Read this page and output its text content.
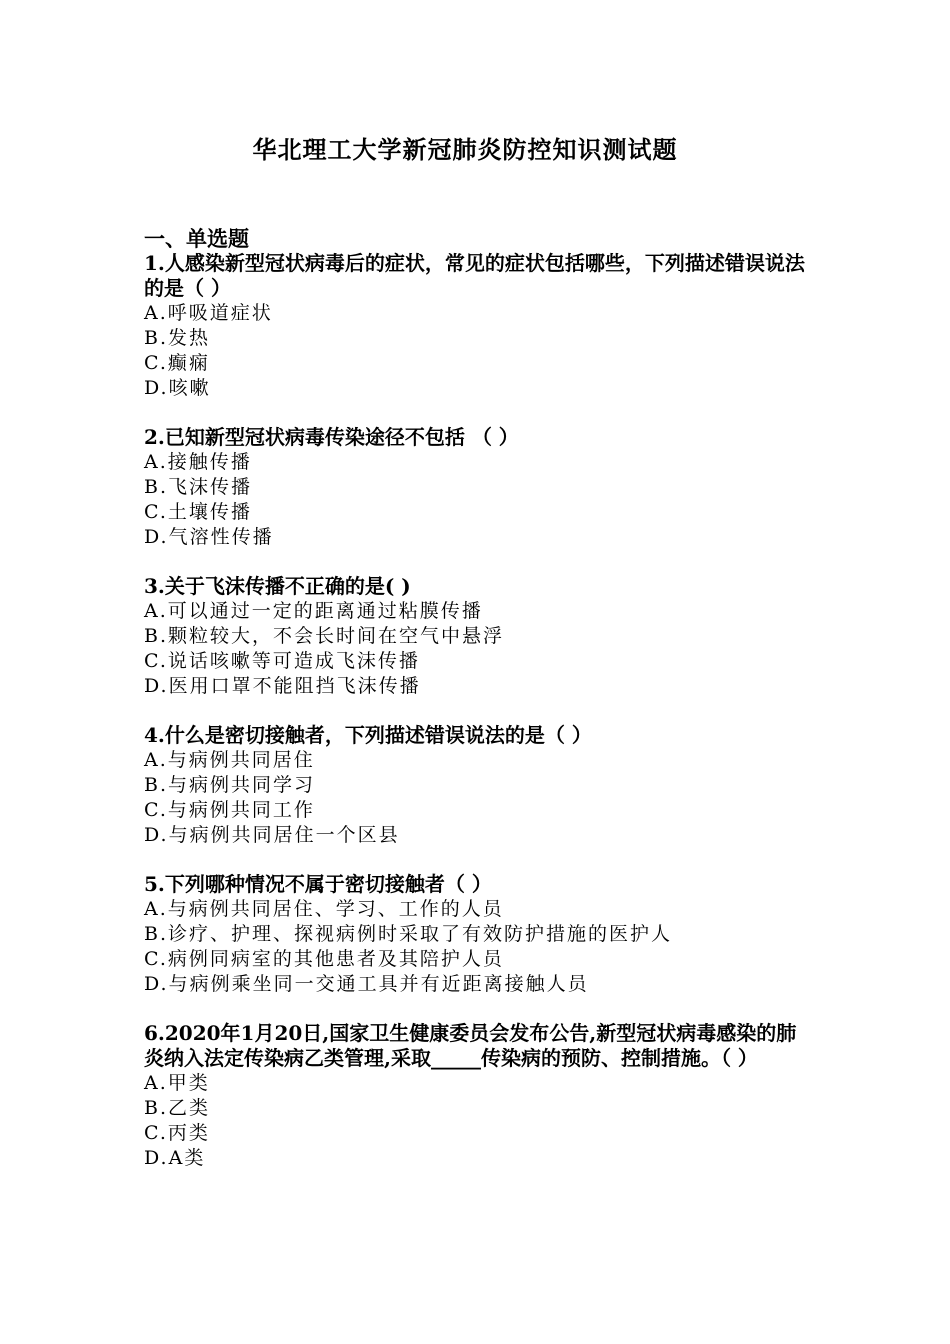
华北理工大学新冠肺炎防控知识测试题
一、单选题

1.人感染新型冠状病毒后的症状，常见的症状包括哪些，下列描述错误说法的是（ ）

A.呼吸道症状
B.发热
C.癫痫
D.咳嗽

2.已知新型冠状病毒传染途径不包括 （ ）

A.接触传播
B.飞沫传播
C.土壤传播
D.气溶性传播

3.关于飞沫传播不正确的是( )

A.可以通过一定的距离通过粘膜传播
B.颗粒较大，不会长时间在空气中悬浮
C.说话咳嗽等可造成飞沫传播
D.医用口罩不能阻挡飞沫传播

4.什么是密切接触者，下列描述错误说法的是（ ）

A.与病例共同居住
B.与病例共同学习
C.与病例共同工作
D.与病例共同居住一个区县

5.下列哪种情况不属于密切接触者（ ）

A.与病例共同居住、学习、工作的人员
B.诊疗、护理、探视病例时采取了有效防护措施的医护人
C.病例同病室的其他患者及其陪护人员
D.与病例乘坐同一交通工具并有近距离接触人员

6.2020年1月20日,国家卫生健康委员会发布公告,新型冠状病毒感染的肺炎纳入法定传染病乙类管理,采取_____传染病的预防、控制措施。（ ）

A.甲类
B.乙类
C.丙类
D.A类
